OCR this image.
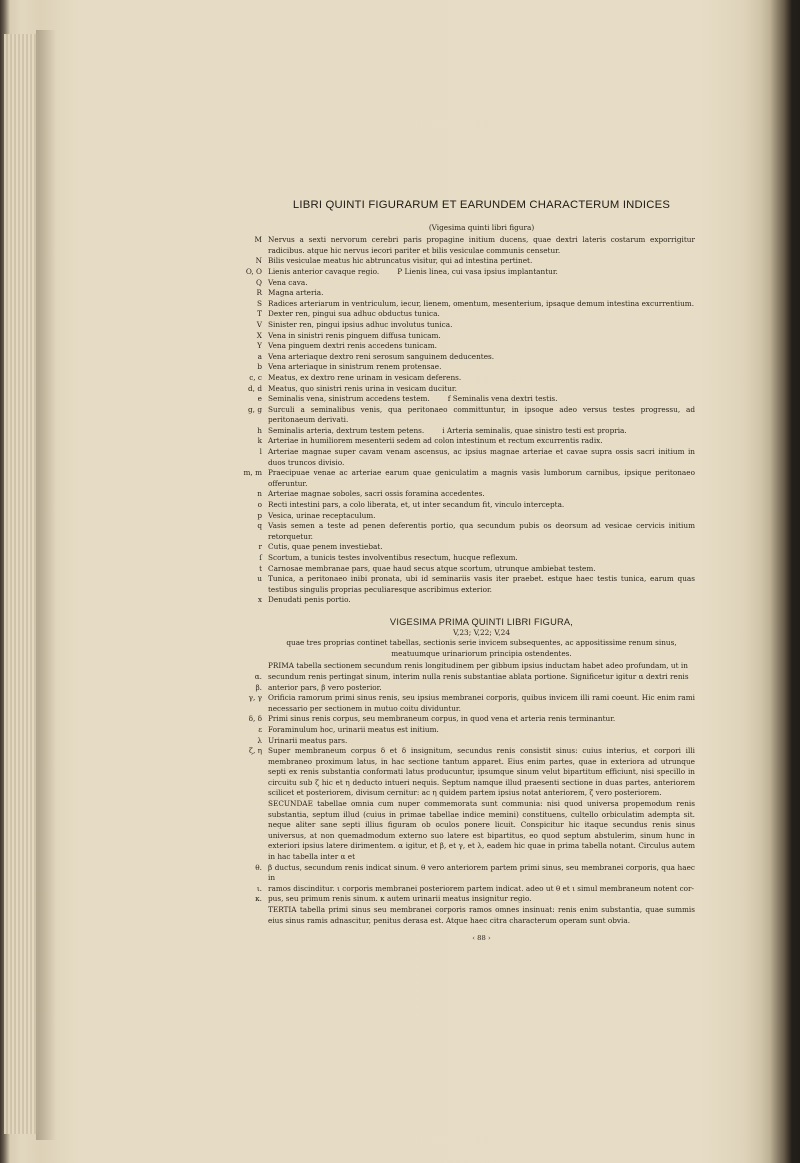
LIBRI QUINTI FIGURARUM ET EARUNDEM CHARACTERUM INDICES
(Vigesima quinti libri figura)
M Nervus a sexti nervorum cerebri paris propagine initium ducens, quae dextri lateris costarum exporrigitur radicibus. atque hic nervus iecori pariter et bilis vesiculae communis censetur.
N Bilis vesiculae meatus hic abtruncatus visitur, qui ad intestina pertinet.
O, O Lienis anterior cavaque regio. P Lienis linea, cui vasa ipsius implantantur.
Q Vena cava.
R Magna arteria.
S Radices arteriarum in ventriculum, iecur, lienem, omentum, mesenterium, ipsaque demum intestina excurrentium.
T Dexter ren, pingui sua adhuc obductus tunica.
V Sinister ren, pingui ipsius adhuc involutus tunica.
X Vena in sinistri renis pinguem diffusa tunicam.
Y Vena pinguem dextri renis accedens tunicam.
a Vena arteriaque dextro reni serosum sanguinem deducentes.
b Vena arteriaque in sinistrum renem protensae.
c, c Meatus, ex dextro rene urinam in vesicam deferens.
d, d Meatus, quo sinistri renis urina in vesicam ducitur.
e Seminalis vena, sinistrum accedens testem. f Seminalis vena dextri testis.
g, g Surculi a seminalibus venis, qua peritonaeo committuntur, in ipsoque adeo versus testes progressu, ad peritonaeum derivati.
h Seminalis arteria, dextrum testem petens. i Arteria seminalis, quae sinistro testi est propria.
k Arteriae in humiliorem mesenterii sedem ad colon intestinum et rectum excurrentis radix.
l Arteriae magnae super cavam venam ascensus, ac ipsius magnae arteriae et cavae supra ossis sacri initium in duos truncos divisio.
m, m Praecipuae venae ac arteriae earum quae geniculatim a magnis vasis lumborum carnibus, ipsique peritonaeo offeruntur.
n Arteriae magnae soboles, sacri ossis foramina accedentes.
o Recti intestini pars, a colo liberata, et, ut inter secandum fit, vinculo intercepta.
p Vesica, urinae receptaculum.
q Vasis semen a teste ad penen deferentis portio, qua secundum pubis os deorsum ad vesicae cervicis initium retorquetur.
r Cutis, quae penem investiebat.
ſ Scortum, a tunicis testes involventibus resectum, hucque reflexum.
t Carnosae membranae pars, quae haud secus atque scortum, utrunque ambiebat testem.
u Tunica, a peritonaeo inibi pronata, ubi id seminariis vasis iter praebet. estque haec testis tunica, earum quas testibus singulis proprias peculiaresque ascribimus exterior.
x Denudati penis portio.
VIGESIMA PRIMA QUINTI LIBRI FIGURA,
V,23; V,22; V,24
quae tres proprias continet tabellas, sectionis serie invicem subsequentes, ac appositissime renum sinus, meatuumque urinariorum principia ostendentes.
PRIMA tabella sectionem secundum renis longitudinem per gibbum ipsius inductam habet adeo profundam, ut in
α. secundum renis pertingat sinum, interim nulla renis substantiae ablata portione. Significetur igitur α dextri renis
β. anterior pars, β vero posterior.
γ, γ Orificia ramorum primi sinus renis, seu ipsius membranei corporis, quibus invicem illi rami coeunt. Hic enim rami necessario per sectionem in mutuo coitu dividuntur.
δ, δ Primi sinus renis corpus, seu membraneum corpus, in quod vena et arteria renis terminantur.
ε Foraminulum hoc, urinarii meatus est initium.
λ Urinarii meatus pars.
ζ, η Super membraneum corpus δ et δ insignitum, secundus renis consistit sinus: cuius interius, et corpori illi membraneo proximum latus, in hac sectione tantum apparet. Eius enim partes, quae in exteriora ad utrunque septi ex renis substantia conformati latus producuntur, ipsumque sinum velut bipartitum efficiunt, nisi specillo in circuitu sub ζ hic et η deducto intueri nequis. Septum namque illud praesenti sectione in duas partes, anteriorem scilicet et posteriorem, divisum cernitur: ac η quidem partem ipsius notat anteriorem, ζ vero posteriorem.
SECUNDAE tabellae omnia cum nuper commemorata sunt communia: nisi quod universa propemodum renis substantia, septum illud (cuius in primae tabellae indice memini) constituens, cultello orbiculatim adempta sit. neque aliter sane septi illius figuram ob oculos ponere licuit. Conspicitur hic itaque secundus renis sinus universus, at non quemadmodum externo suo latere est bipartitus, eo quod septum abstulerim, sinum hunc in exteriori ipsius latere dirimentem. α igitur, et β, et γ, et λ, eadem hic quae in prima tabella notant. Circulus autem in hac tabella inter α et
θ. β ductus, secundum renis indicat sinum. θ vero anteriorem partem primi sinus, seu membranei corporis, qua haec in
ι. ramos discinditur. ι corporis membranei posteriorem partem indicat. adeo ut θ et ι simul membraneum notent cor-
κ. pus, seu primum renis sinum. κ autem urinarii meatus insignitur regio.
TERTIA tabella primi sinus seu membranei corporis ramos omnes insinuat: renis enim substantia, quae summis eius sinus ramis adnascitur, penitus derasa est. Atque haec citra characterum operam sunt obvia.
‹ 88 ›
